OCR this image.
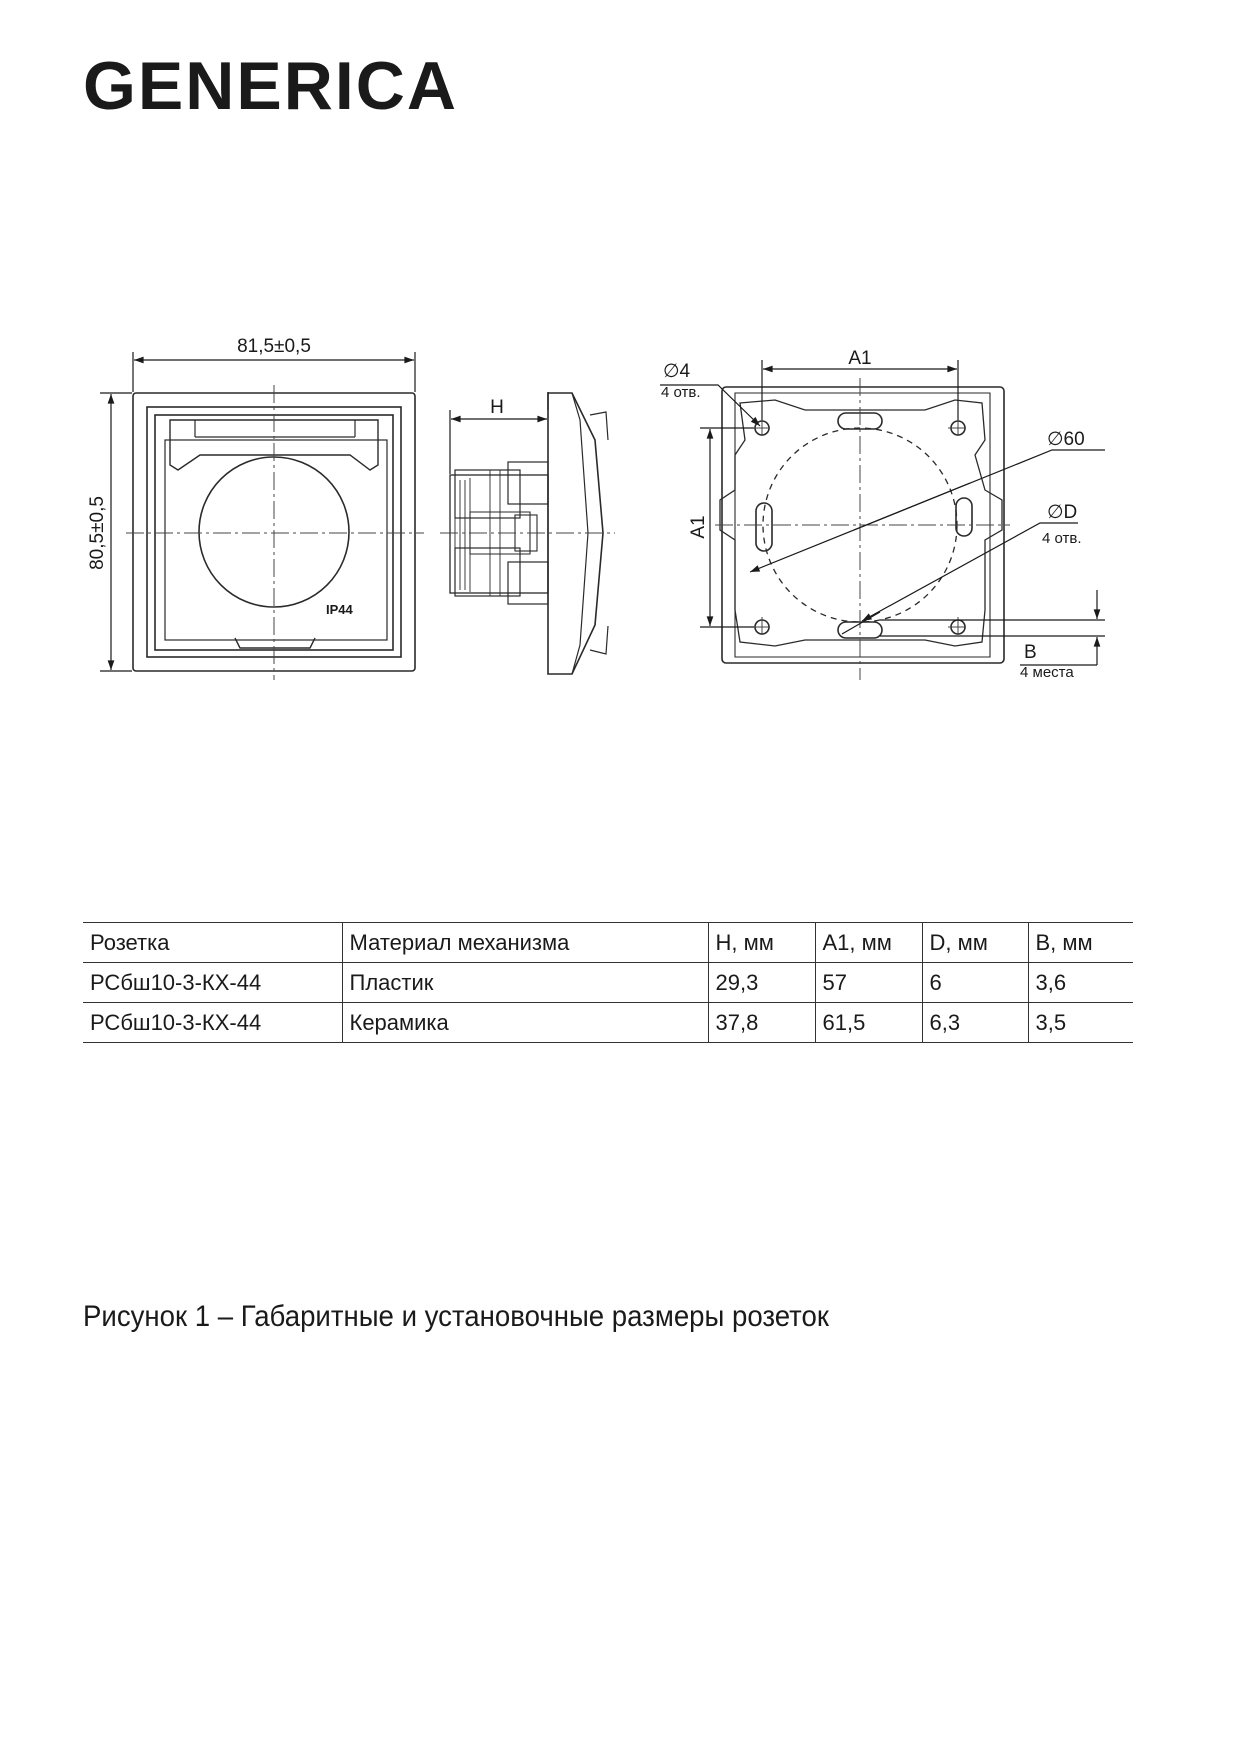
GENERICA
IP44
81,5±0,5
80,5±0,5
H
A1
A1
∅4
4 отв.
∅60
∅D
4 отв.
B
4 места
Розетка	Материал механизма	H, мм	A1, мм	D, мм	B, мм
РСбш10-3-КХ-44	Пластик	29,3	57	6	3,6
РСбш10-3-КХ-44	Керамика	37,8	61,5	6,3	3,5
Рисунок 1 – Габаритные и установочные размеры розеток
